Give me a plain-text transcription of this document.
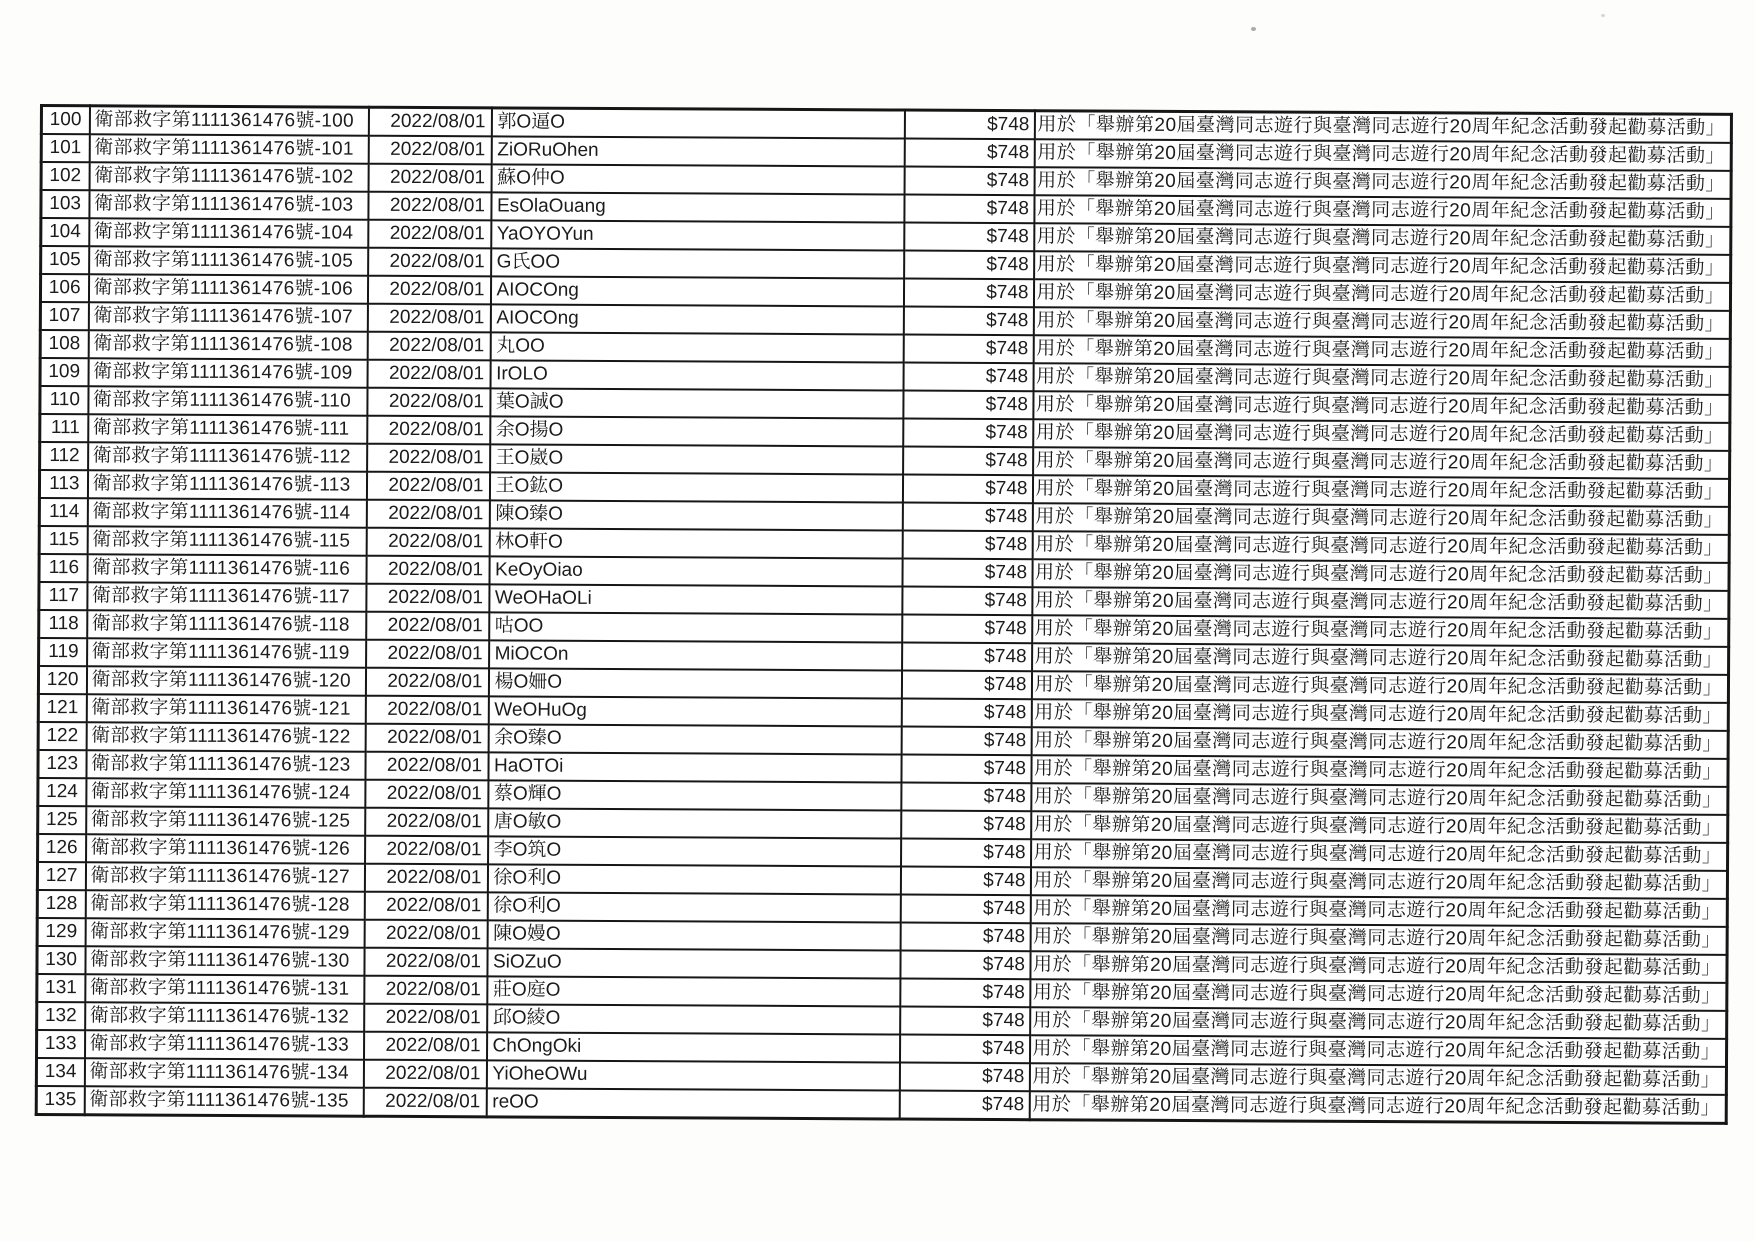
100	衛部救字第1111361476號-100	2022/08/01	郭O逼O	$748	用於「舉辦第20屆臺灣同志遊行與臺灣同志遊行20周年紀念活動發起勸募活動」
101	衛部救字第1111361476號-101	2022/08/01	ZiORuOhen	$748	用於「舉辦第20屆臺灣同志遊行與臺灣同志遊行20周年紀念活動發起勸募活動」
102	衛部救字第1111361476號-102	2022/08/01	蘇O仲O	$748	用於「舉辦第20屆臺灣同志遊行與臺灣同志遊行20周年紀念活動發起勸募活動」
103	衛部救字第1111361476號-103	2022/08/01	EsOlaOuang	$748	用於「舉辦第20屆臺灣同志遊行與臺灣同志遊行20周年紀念活動發起勸募活動」
104	衛部救字第1111361476號-104	2022/08/01	YaOYOYun	$748	用於「舉辦第20屆臺灣同志遊行與臺灣同志遊行20周年紀念活動發起勸募活動」
105	衛部救字第1111361476號-105	2022/08/01	G氏OO	$748	用於「舉辦第20屆臺灣同志遊行與臺灣同志遊行20周年紀念活動發起勸募活動」
106	衛部救字第1111361476號-106	2022/08/01	AIOCOng	$748	用於「舉辦第20屆臺灣同志遊行與臺灣同志遊行20周年紀念活動發起勸募活動」
107	衛部救字第1111361476號-107	2022/08/01	AIOCOng	$748	用於「舉辦第20屆臺灣同志遊行與臺灣同志遊行20周年紀念活動發起勸募活動」
108	衛部救字第1111361476號-108	2022/08/01	丸OO	$748	用於「舉辦第20屆臺灣同志遊行與臺灣同志遊行20周年紀念活動發起勸募活動」
109	衛部救字第1111361476號-109	2022/08/01	IrOLO	$748	用於「舉辦第20屆臺灣同志遊行與臺灣同志遊行20周年紀念活動發起勸募活動」
110	衛部救字第1111361476號-110	2022/08/01	葉O誠O	$748	用於「舉辦第20屆臺灣同志遊行與臺灣同志遊行20周年紀念活動發起勸募活動」
111	衛部救字第1111361476號-111	2022/08/01	余O揚O	$748	用於「舉辦第20屆臺灣同志遊行與臺灣同志遊行20周年紀念活動發起勸募活動」
112	衛部救字第1111361476號-112	2022/08/01	王O崴O	$748	用於「舉辦第20屆臺灣同志遊行與臺灣同志遊行20周年紀念活動發起勸募活動」
113	衛部救字第1111361476號-113	2022/08/01	王O鈜O	$748	用於「舉辦第20屆臺灣同志遊行與臺灣同志遊行20周年紀念活動發起勸募活動」
114	衛部救字第1111361476號-114	2022/08/01	陳O臻O	$748	用於「舉辦第20屆臺灣同志遊行與臺灣同志遊行20周年紀念活動發起勸募活動」
115	衛部救字第1111361476號-115	2022/08/01	林O軒O	$748	用於「舉辦第20屆臺灣同志遊行與臺灣同志遊行20周年紀念活動發起勸募活動」
116	衛部救字第1111361476號-116	2022/08/01	KeOyOiao	$748	用於「舉辦第20屆臺灣同志遊行與臺灣同志遊行20周年紀念活動發起勸募活動」
117	衛部救字第1111361476號-117	2022/08/01	WeOHaOLi	$748	用於「舉辦第20屆臺灣同志遊行與臺灣同志遊行20周年紀念活動發起勸募活動」
118	衛部救字第1111361476號-118	2022/08/01	咕OO	$748	用於「舉辦第20屆臺灣同志遊行與臺灣同志遊行20周年紀念活動發起勸募活動」
119	衛部救字第1111361476號-119	2022/08/01	MiOCOn	$748	用於「舉辦第20屆臺灣同志遊行與臺灣同志遊行20周年紀念活動發起勸募活動」
120	衛部救字第1111361476號-120	2022/08/01	楊O姍O	$748	用於「舉辦第20屆臺灣同志遊行與臺灣同志遊行20周年紀念活動發起勸募活動」
121	衛部救字第1111361476號-121	2022/08/01	WeOHuOg	$748	用於「舉辦第20屆臺灣同志遊行與臺灣同志遊行20周年紀念活動發起勸募活動」
122	衛部救字第1111361476號-122	2022/08/01	余O臻O	$748	用於「舉辦第20屆臺灣同志遊行與臺灣同志遊行20周年紀念活動發起勸募活動」
123	衛部救字第1111361476號-123	2022/08/01	HaOTOi	$748	用於「舉辦第20屆臺灣同志遊行與臺灣同志遊行20周年紀念活動發起勸募活動」
124	衛部救字第1111361476號-124	2022/08/01	蔡O輝O	$748	用於「舉辦第20屆臺灣同志遊行與臺灣同志遊行20周年紀念活動發起勸募活動」
125	衛部救字第1111361476號-125	2022/08/01	唐O敏O	$748	用於「舉辦第20屆臺灣同志遊行與臺灣同志遊行20周年紀念活動發起勸募活動」
126	衛部救字第1111361476號-126	2022/08/01	李O筑O	$748	用於「舉辦第20屆臺灣同志遊行與臺灣同志遊行20周年紀念活動發起勸募活動」
127	衛部救字第1111361476號-127	2022/08/01	徐O利O	$748	用於「舉辦第20屆臺灣同志遊行與臺灣同志遊行20周年紀念活動發起勸募活動」
128	衛部救字第1111361476號-128	2022/08/01	徐O利O	$748	用於「舉辦第20屆臺灣同志遊行與臺灣同志遊行20周年紀念活動發起勸募活動」
129	衛部救字第1111361476號-129	2022/08/01	陳O嫚O	$748	用於「舉辦第20屆臺灣同志遊行與臺灣同志遊行20周年紀念活動發起勸募活動」
130	衛部救字第1111361476號-130	2022/08/01	SiOZuO	$748	用於「舉辦第20屆臺灣同志遊行與臺灣同志遊行20周年紀念活動發起勸募活動」
131	衛部救字第1111361476號-131	2022/08/01	莊O庭O	$748	用於「舉辦第20屆臺灣同志遊行與臺灣同志遊行20周年紀念活動發起勸募活動」
132	衛部救字第1111361476號-132	2022/08/01	邱O綾O	$748	用於「舉辦第20屆臺灣同志遊行與臺灣同志遊行20周年紀念活動發起勸募活動」
133	衛部救字第1111361476號-133	2022/08/01	ChOngOki	$748	用於「舉辦第20屆臺灣同志遊行與臺灣同志遊行20周年紀念活動發起勸募活動」
134	衛部救字第1111361476號-134	2022/08/01	YiOheOWu	$748	用於「舉辦第20屆臺灣同志遊行與臺灣同志遊行20周年紀念活動發起勸募活動」
135	衛部救字第1111361476號-135	2022/08/01	reOO	$748	用於「舉辦第20屆臺灣同志遊行與臺灣同志遊行20周年紀念活動發起勸募活動」
